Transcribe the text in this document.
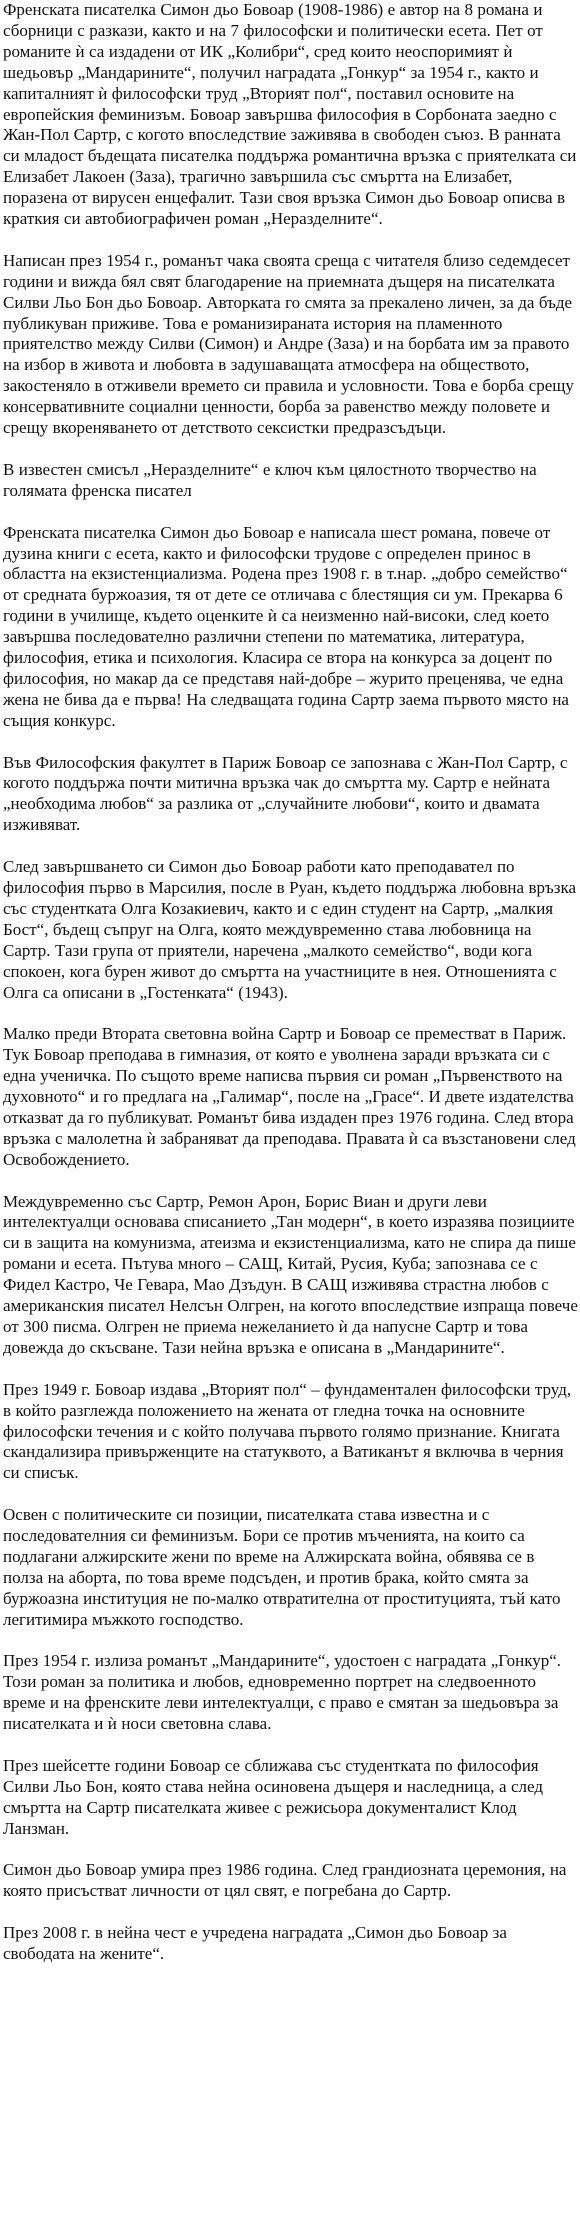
Френската писателка Симон дьо Бовоар (1908-1986) е автор на 8 романа и сборници с разкази, както и на 7 философски и политически есета. Пет от романите ѝ са издадени от ИК „Колибри“, сред които неоспоримият ѝ шедьовър „Мандарините“, получил наградата „Гонкур“ за 1954 г., както и капиталният ѝ философски труд „Вторият пол“, поставил основите на европейския феминизъм. Бовоар завършва философия в Сорбоната заедно с Жан-Пол Сартр, с когото впоследствие заживява в свободен съюз. В ранната си младост бъдещата писателка поддържа романтична връзка с приятелката си Елизабет Лакоен (Заза), трагично завършила със смъртта на Елизабет, поразена от вирусен енцефалит. Тази своя връзка Симон дьо Бовоар описва в краткия си автобиографичен роман „Неразделните“.

Написан през 1954 г., романът чака своята среща с читателя близо седемдесет години и вижда бял свят благодарение на приемната дъщеря на писателката Силви Льо Бон дьо Бовоар. Авторката го смята за прекалено личен, за да бъде публикуван приживе. Това е романизираната история на пламенното приятелство между Силви (Симон) и Андре (Заза) и на борбата им за правото на избор в живота и любовта в задушаващата атмосфера на обществото, закостеняло в отживели времето си правила и условности. Това е борба срещу консервативните социални ценности, борба за равенство между половете и срещу вкореняването от детството сексистки предразсъдъци.

В известен смисъл „Неразделните“ е ключ към цялостното творчество на голямата френска писател

Френската писателка Симон дьо Бовоар е написала шест романа, повече от дузина книги с есета, както и философски трудове с определен принос в областта на екзистенциализма. Родена през 1908 г. в т.нар. „добро семейство“ от средната буржоазия, тя от дете се отличава с блестящия си ум. Прекарва 6 години в училище, където оценките ѝ са неизменно най-високи, след което завършва последователно различни степени по математика, литература, философия, етика и психология. Класира се втора на конкурса за доцент по философия, но макар да се представя най-добре – журито преценява, че една жена не бива да е първа! На следващата година Сартр заема първото място на същия конкурс.

Във Философския факултет в Париж Бовоар се запознава с Жан-Пол Сартр, с когото поддържа почти митична връзка чак до смъртта му. Сартр е нейната „необходима любов“ за разлика от „случайните любови“, които и двамата изживяват.

След завършването си Симон дьо Бовоар работи като преподавател по философия първо в Марсилия, после в Руан, където поддържа любовна връзка със студентката Олга Козакиевич, както и с един студент на Сартр, „малкия Бост“, бъдещ съпруг на Олга, която междувременно става любовница на Сартр. Тази група от приятели, наречена „малкото семейство“, води кога спокоен, кога бурен живот до смъртта на участниците в нея. Отношенията с Олга са описани в „Гостенката“ (1943).

Малко преди Втората световна война Сартр и Бовоар се преместват в Париж. Тук Бовоар преподава в гимназия, от която е уволнена заради връзката си с една ученичка. По същото време написва първия си роман „Първенството на духовното“ и го предлага на „Галимар“, после на „Грасе“. И двете издателства отказват да го публикуват. Романът бива издаден през 1976 година. След втора връзка с малолетна ѝ забраняват да преподава. Правата ѝ са възстановени след Освобождението.

Междувременно със Сартр, Ремон Арон, Борис Виан и други леви интелектуалци основава списанието „Тан модерн“, в което изразява позициите си в защита на комунизма, атеизма и екзистенциализма, като не спира да пише романи и есета. Пътува много – САЩ, Китай, Русия, Куба; запознава се с Фидел Кастро, Че Гевара, Мао Дзъдун. В САЩ изживява страстна любов с американския писател Нелсън Олгрен, на когото впоследствие изпраща повече от 300 писма. Олгрен не приема нежеланието ѝ да напусне Сартр и това довежда до скъсване. Тази нейна връзка е описана в „Мандарините“.

През 1949 г. Бовоар издава „Вторият пол“ – фундаментален философски труд, в който разглежда положението на жената от гледна точка на основните философски течения и с който получава първото голямо признание. Книгата скандализира привърженците на статуквото, а Ватиканът я включва в черния си списък.

Освен с политическите си позиции, писателката става известна и с последователния си феминизъм. Бори се против мъченията, на които са подлагани алжирските жени по време на Алжирската война, обявява се в полза на аборта, по това време подсъден, и против брака, който смята за буржоазна институция не по-малко отвратителна от проституцията, тъй като легитимира мъжкото господство.

През 1954 г. излиза романът „Мандарините“, удостоен с наградата „Гонкур“. Този роман за политика и любов, едновременно портрет на следвоенното време и на френските леви интелектуалци, с право е смятан за шедьовъра за писателката и ѝ носи световна слава.

През шейсетте години Бовоар се сближава със студентката по философия Силви Льо Бон, която става нейна осиновена дъщеря и наследница, а след смъртта на Сартр писателката живее с режисьора документалист Клод Ланзман.

Симон дьо Бовоар умира през 1986 година. След грандиозната церемония, на която присъстват личности от цял свят, е погребана до Сартр.

През 2008 г. в нейна чест е учредена наградата „Симон дьо Бовоар за свободата на жените“.
